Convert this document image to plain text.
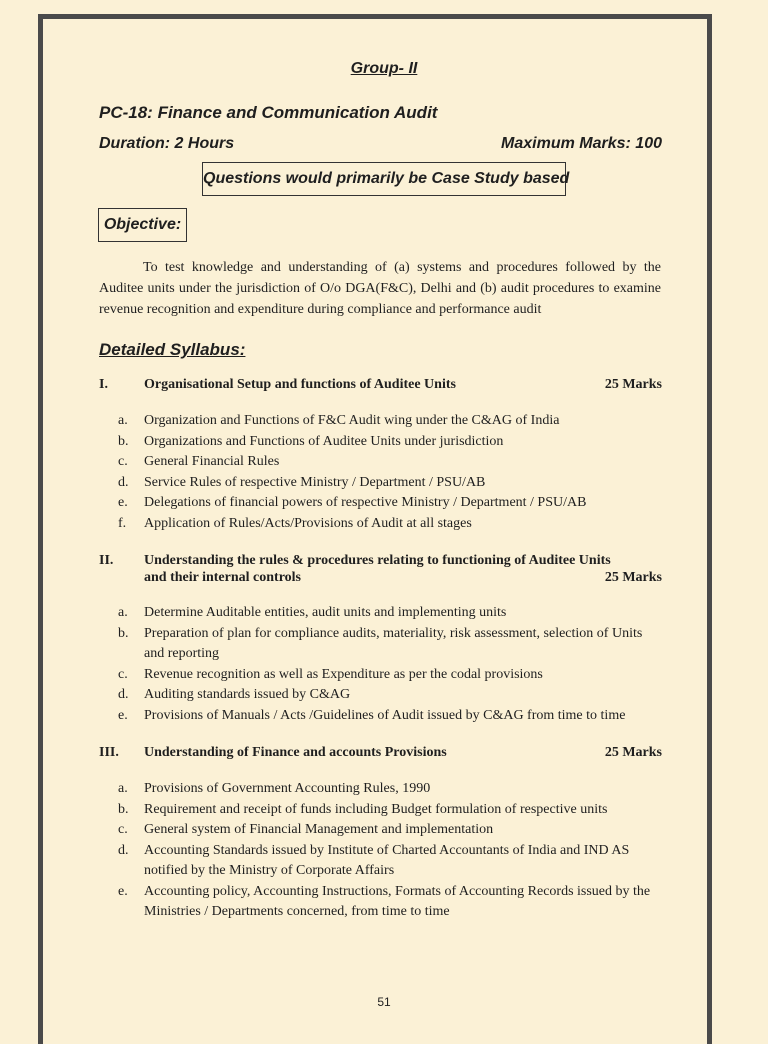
Group- II
PC-18: Finance and Communication Audit
Duration: 2 Hours	Maximum Marks: 100
Questions would primarily be Case Study based
Objective:

To test knowledge and understanding of (a) systems and procedures followed by the Auditee units under the jurisdiction of O/o DGA(F&C), Delhi and (b) audit procedures to examine revenue recognition and expenditure during compliance and performance audit

Detailed Syllabus:
I.	Organisational Setup and functions of Auditee Units	25 Marks
a.	Organization and Functions of F&C Audit wing under the C&AG of India
b.	Organizations and Functions of Auditee Units under jurisdiction
c.	General Financial Rules
d.	Service Rules of respective Ministry / Department / PSU/AB
e.	Delegations of financial powers of respective Ministry / Department / PSU/AB
f.	Application of Rules/Acts/Provisions of Audit at all stages
II. Understanding the rules & procedures relating to functioning of Auditee Units
and their internal controls	25 Marks
a.	Determine Auditable entities, audit units and implementing units
b.	Preparation of plan for compliance audits, materiality, risk assessment, selection of Units and reporting
c.	Revenue recognition as well as Expenditure as per the codal provisions
d.	Auditing standards issued by C&AG
e.	Provisions of Manuals / Acts /Guidelines of Audit issued by C&AG from time to time
III. Understanding of Finance and accounts Provisions	25 Marks
a.	Provisions of Government Accounting Rules, 1990
b.	Requirement and receipt of funds including Budget formulation of respective units
c.	General system of Financial Management and implementation
d.	Accounting Standards issued by Institute of Charted Accountants of India and IND AS notified by the Ministry of Corporate Affairs
e.	Accounting policy, Accounting Instructions, Formats of Accounting Records issued by the Ministries / Departments concerned, from time to time
51
